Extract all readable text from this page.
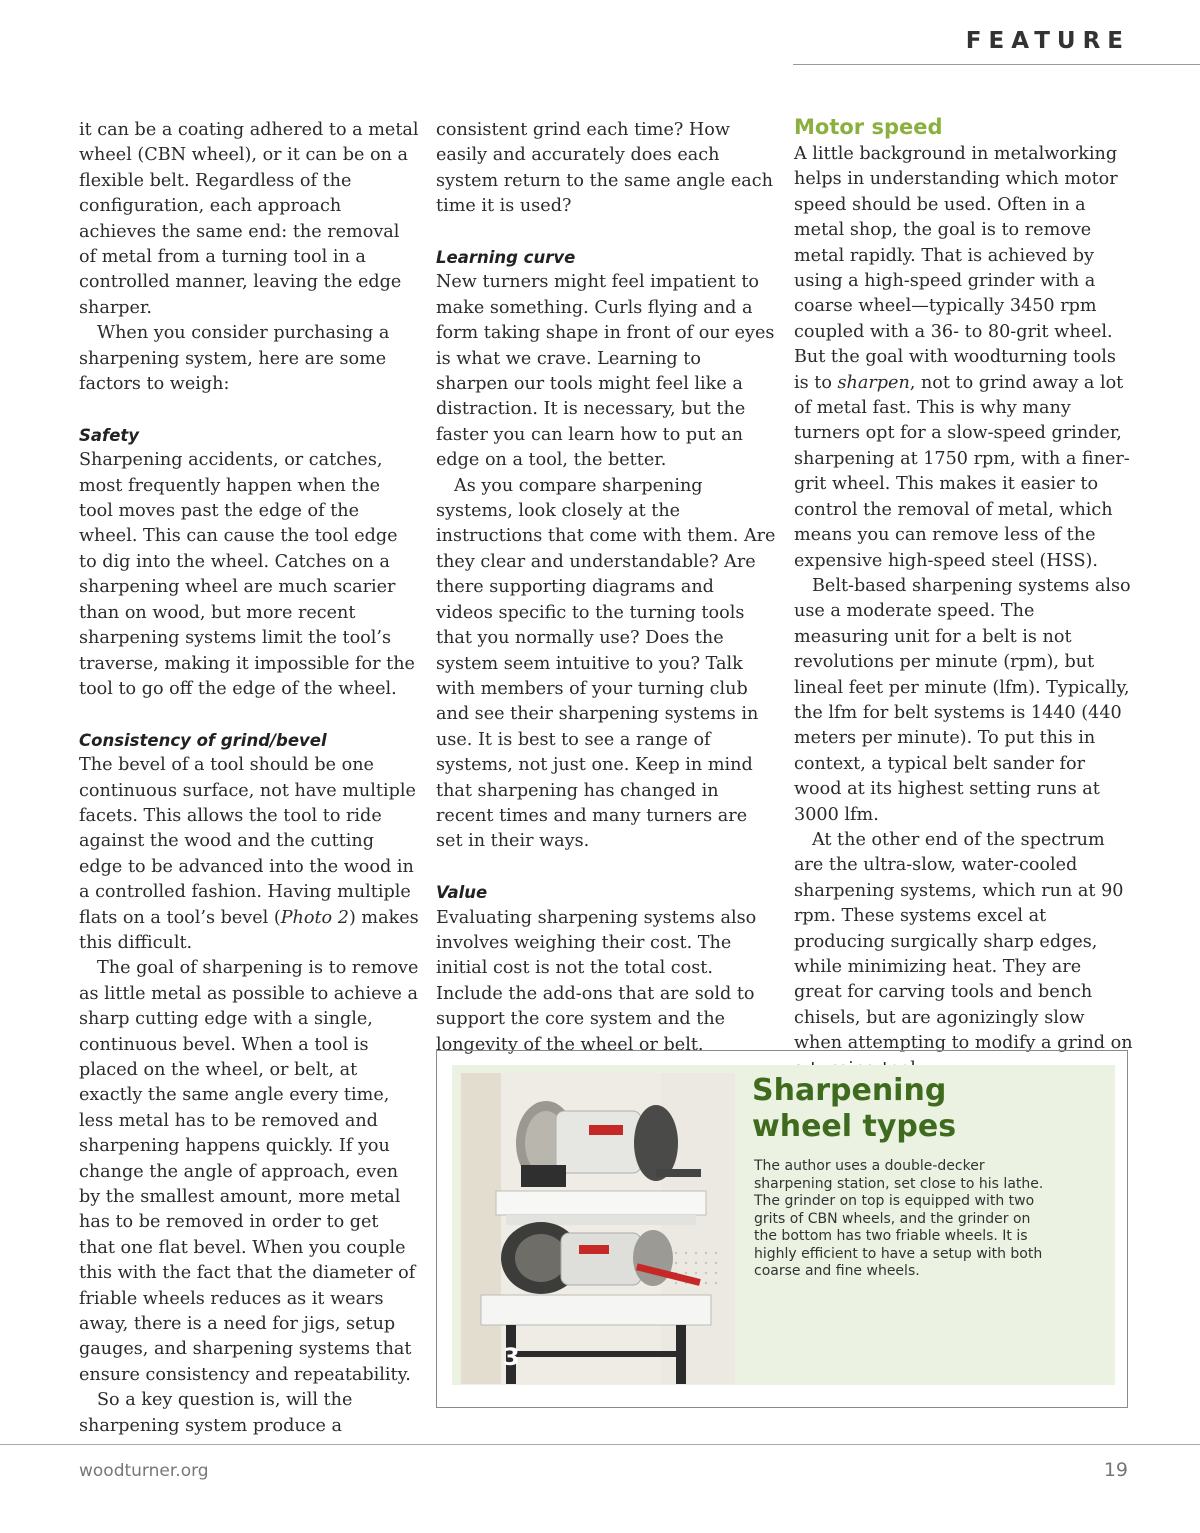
FEATURE

it can be a coating adhered to a metal wheel (CBN wheel), or it can be on a flexible belt. Regardless of the configuration, each approach achieves the same end: the removal of metal from a turning tool in a controlled manner, leaving the edge sharper.

When you consider purchasing a sharpening system, here are some factors to weigh:

Safety

Sharpening accidents, or catches, most frequently happen when the tool moves past the edge of the wheel. This can cause the tool edge to dig into the wheel. Catches on a sharpening wheel are much scarier than on wood, but more recent sharpening systems limit the tool’s traverse, making it impossible for the tool to go off the edge of the wheel.

Consistency of grind/bevel

The bevel of a tool should be one continuous surface, not have multiple facets. This allows the tool to ride against the wood and the cutting edge to be advanced into the wood in a controlled fashion. Having multiple flats on a tool’s bevel (Photo 2) makes this difficult.

The goal of sharpening is to remove as little metal as possible to achieve a sharp cutting edge with a single, continuous bevel. When a tool is placed on the wheel, or belt, at exactly the same angle every time, less metal has to be removed and sharpening happens quickly. If you change the angle of approach, even by the smallest amount, more metal has to be removed in order to get that one flat bevel. When you couple this with the fact that the diameter of friable wheels reduces as it wears away, there is a need for jigs, setup gauges, and sharpening systems that ensure consistency and repeatability.

So a key question is, will the sharpening system produce a

consistent grind each time? How easily and accurately does each system return to the same angle each time it is used?

Learning curve

New turners might feel impatient to make something. Curls flying and a form taking shape in front of our eyes is what we crave. Learning to sharpen our tools might feel like a distraction. It is necessary, but the faster you can learn how to put an edge on a tool, the better.

As you compare sharpening systems, look closely at the instructions that come with them. Are they clear and understandable? Are there supporting diagrams and videos specific to the turning tools that you normally use? Does the system seem intuitive to you? Talk with members of your turning club and see their sharpening systems in use. It is best to see a range of systems, not just one. Keep in mind that sharpening has changed in recent times and many turners are set in their ways.

Value

Evaluating sharpening systems also involves weighing their cost. The initial cost is not the total cost. Include the add-ons that are sold to support the core system and the longevity of the wheel or belt.

Motor speed

A little background in metalworking helps in understanding which motor speed should be used. Often in a metal shop, the goal is to remove metal rapidly. That is achieved by using a high-speed grinder with a coarse wheel—typically 3450 rpm coupled with a 36- to 80-grit wheel. But the goal with woodturning tools is to sharpen, not to grind away a lot of metal fast. This is why many turners opt for a slow-speed grinder, sharpening at 1750 rpm, with a finer-grit wheel. This makes it easier to control the removal of metal, which means you can remove less of the expensive high-speed steel (HSS).

Belt-based sharpening systems also use a moderate speed. The measuring unit for a belt is not revolutions per minute (rpm), but lineal feet per minute (lfm). Typically, the lfm for belt systems is 1440 (440 meters per minute). To put this in context, a typical belt sander for wood at its highest setting runs at 3000 lfm.

At the other end of the spectrum are the ultra-slow, water-cooled sharpening systems, which run at 90 rpm. These systems excel at producing surgically sharp edges, while minimizing heat. They are great for carving tools and bench chisels, but are agonizingly slow when attempting to modify a grind on

3
Sharpening
wheel types
The author uses a double-decker sharpening station, set close to his lathe. The grinder on top is equipped with two grits of CBN wheels, and the grinder on the bottom has two friable wheels. It is highly efficient to have a setup with both coarse and fine wheels.
woodturner.org	19
